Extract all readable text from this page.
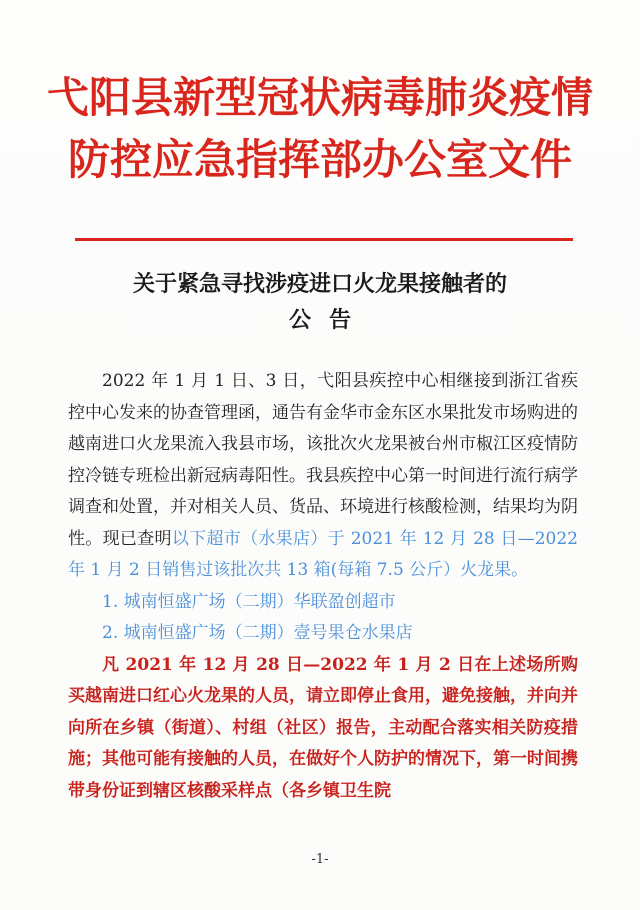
弋阳县新型冠状病毒肺炎疫情
防控应急指挥部办公室文件
关于紧急寻找涉疫进口火龙果接触者的
公告

2022 年 1 月 1 日、3 日，弋阳县疾控中心相继接到浙江省疾控中心发来的协查管理函，通告有金华市金东区水果批发市场购进的越南进口火龙果流入我县市场，该批次火龙果被台州市椒江区疫情防控冷链专班检出新冠病毒阳性。我县疾控中心第一时间进行流行病学调查和处置，并对相关人员、货品、环境进行核酸检测，结果均为阴性。现已查明以下超市（水果店）于 2021 年 12 月 28 日—2022 年 1 月 2 日销售过该批次共 13 箱(每箱 7.5 公斤）火龙果。

1. 城南恒盛广场（二期）华联盈创超市

2. 城南恒盛广场（二期）壹号果仓水果店

凡 2021 年 12 月 28 日—2022 年 1 月 2 日在上述场所购买越南进口红心火龙果的人员，请立即停止食用，避免接触，并向并向所在乡镇（街道）、村组（社区）报告，主动配合落实相关防疫措施；其他可能有接触的人员，在做好个人防护的情况下，第一时间携带身份证到辖区核酸采样点（各乡镇卫生院

-1-
